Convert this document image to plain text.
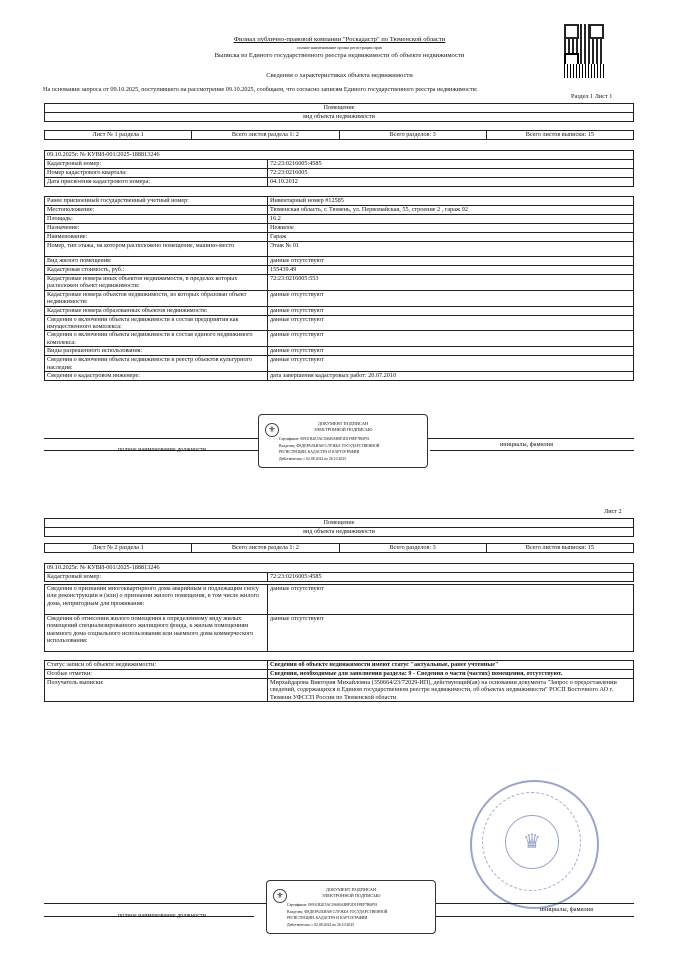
Филиал публично-правовой компании "Роскадастр" по Тюменской области
полное наименование органа регистрации прав
Выписка из Единого государственного реестра недвижимости об объекте недвижимости
Сведения о характеристиках объекта недвижимости
На основании запроса от 09.10.2025, поступившего на рассмотрение 09.10.2025, сообщаем, что согласно записям Единого государственного реестра недвижимости:
Раздел 1 Лист 1
Помещение
вид объекта недвижимости
Лист № 1 раздела 1	Всего листов раздела 1: 2	Всего разделов: 3	Всего листов выписки: 15
09.10.2025г. № КУВИ-001/2025-188813246	
Кадастровый номер:	72:23:0216005:4585
Номер кадастрового квартала:	72:23:0216005
Дата присвоения кадастрового номера:	04.10.2012
Ранее присвоенный государственный учетный номер:	Инвентарный номер #12585
Местоположение:	Тюменская область, г. Тюмень, ул. Первомайская, 55, строение 2 , гараж 92
Площадь:	16.2
Назначение:	Нежилое
Наименование:	Гараж
Номер, тип этажа, на котором расположено помещение, машино-место	Этаж № 01
Вид жилого помещения:	данные отсутствуют
Кадастровая стоимость, руб.:	155439.49
Кадастровые номера иных объектов недвижимости, в пределах которых расположен объект недвижимости:	72:23:0216005:553
Кадастровые номера объектов недвижимости, из которых образован объект недвижимости:	данные отсутствуют
Кадастровые номера образованных объектов недвижимости:	данные отсутствуют
Сведения о включении объекта недвижимости в состав предприятия как имущественного комплекса:	данные отсутствуют
Сведения о включении объекта недвижимости в состав единого недвижимого комплекса:	данные отсутствуют
Виды разрешенного использования:	данные отсутствуют
Сведения о включении объекта недвижимости в реестр объектов культурного наследия:	данные отсутствуют
Сведения о кадастровом инженере:	дата завершения кадастровых работ: 20.07.2010
полное наименование должности
инициалы, фамилия
⚜
ДОКУМЕНТ ПОДПИСАН
ЭЛЕКТРОННОЙ ПОДПИСЬЮ
Сертификат: 00931B2E5AC0A6BAB8F2D1F8EF7B6F93
Владелец: ФЕДЕРАЛЬНАЯ СЛУЖБА ГОСУДАРСТВЕННОЙ
РЕГИСТРАЦИИ, КАДАСТРА И КАРТОГРАФИИ
Действителен: с 02.08.2024 по 26.10.2025
Лист 2
Помещение
вид объекта недвижимости
Лист № 2 раздела 1	Всего листов раздела 1: 2	Всего разделов: 3	Всего листов выписки: 15
09.10.2025г. № КУВИ-001/2025-188813246
Кадастровый номер:	72:23:0216005:4585
Сведения о признании многоквартирного дома аварийным и подлежащим сносу или реконструкции и (или) о признании жилого помещения, в том числе жилого дома, непригодным для проживания:	данные отсутствуют
Сведения об отнесении жилого помещения к определенному виду жилых помещений специализированного жилищного фонда, к жилым помещениям наемного дома социального использования или наемного дома коммерческого использования:	данные отсутствуют
Статус записи об объекте недвижимости:	Сведения об объекте недвижимости имеют статус "актуальные, ранее учтенные"
Особые отметки:	Сведения, необходимые для заполнения раздела: 9 - Сведения о части (частях) помещения, отсутствуют.
Получатель выписки:	Мирхайдарова Виктория Михайловна (350664/23/72029-ИП), действующий(ая) на основании документа "Запрос о предоставлении сведений, содержащихся в Едином государственном реестре недвижимости, об объектах недвижимости" РОСП Восточного АО г. Тюмени УФССП России по Тюменской области
♛
полное наименование должности
инициалы, фамилия
⚜
ДОКУМЕНТ ПОДПИСАН
ЭЛЕКТРОННОЙ ПОДПИСЬЮ
Сертификат: 00931B2E5AC0A6BAB8F2D1F8EF7B6F93
Владелец: ФЕДЕРАЛЬНАЯ СЛУЖБА ГОСУДАРСТВЕННОЙ
РЕГИСТРАЦИИ, КАДАСТРА И КАРТОГРАФИИ
Действителен: с 02.08.2024 по 26.10.2025
